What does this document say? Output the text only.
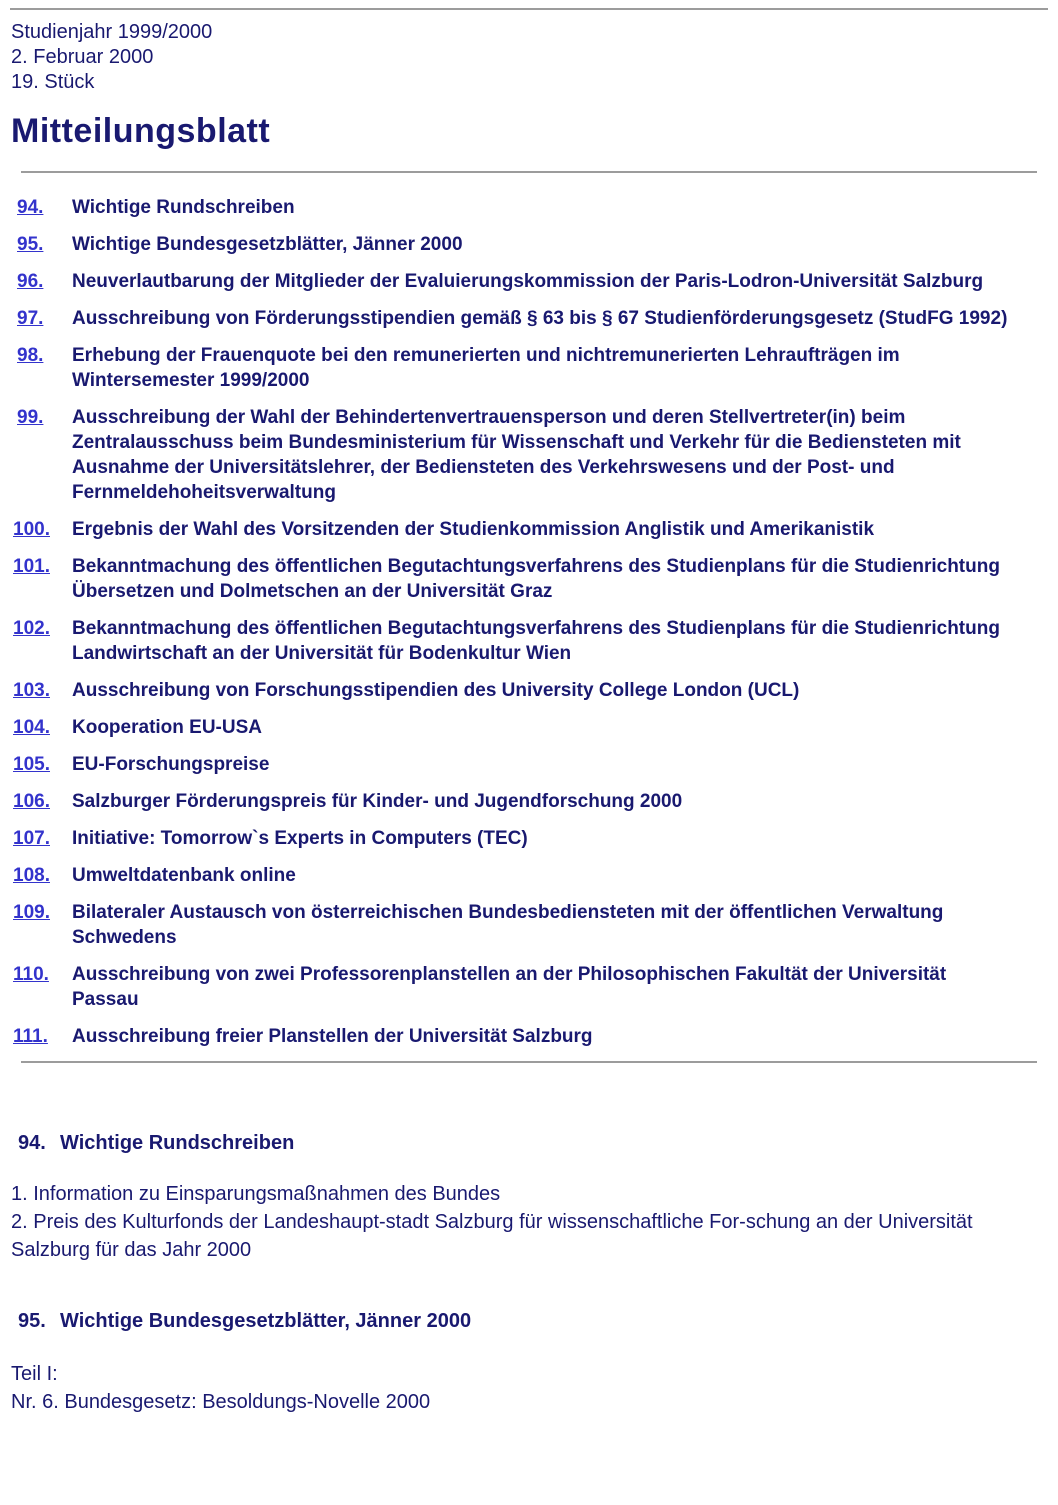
Studienjahr 1999/2000
2. Februar 2000
19. Stück
Mitteilungsblatt
94.	Wichtige Rundschreiben
95.	Wichtige Bundesgesetzblätter, Jänner 2000
96.	Neuverlautbarung der Mitglieder der Evaluierungskommission der Paris-Lodron-Universität Salzburg
97.	Ausschreibung von Förderungsstipendien gemäß § 63 bis § 67 Studienförderungsgesetz (StudFG 1992)
98.	Erhebung der Frauenquote bei den remunerierten und nichtremunerierten Lehraufträgen im Wintersemester 1999/2000
99.	Ausschreibung der Wahl der Behindertenvertrauensperson und deren Stellvertreter(in) beim Zentralausschuss beim Bundesministerium für Wissenschaft und Verkehr für die Bediensteten mit Ausnahme der Universitätslehrer, der Bediensteten des Verkehrswesens und der Post- und Fernmeldehoheitsverwaltung
100.	Ergebnis der Wahl des Vorsitzenden der Studienkommission Anglistik und Amerikanistik
101.	Bekanntmachung des öffentlichen Begutachtungsverfahrens des Studienplans für die Studienrichtung Übersetzen und Dolmetschen an der Universität Graz
102.	Bekanntmachung des öffentlichen Begutachtungsverfahrens des Studienplans für die Studienrichtung Landwirtschaft an der Universität für Bodenkultur Wien
103.	Ausschreibung von Forschungsstipendien des University College London (UCL)
104.	Kooperation EU-USA
105.	EU-Forschungspreise
106.	Salzburger Förderungspreis für Kinder- und Jugendforschung 2000
107.	Initiative: Tomorrow`s Experts in Computers (TEC)
108.	Umweltdatenbank online
109.	Bilateraler Austausch von österreichischen Bundesbediensteten mit der öffentlichen Verwaltung Schwedens
110.	Ausschreibung von zwei Professorenplanstellen an der Philosophischen Fakultät der Universität Passau
111.	Ausschreibung freier Planstellen der Universität Salzburg
94. Wichtige Rundschreiben

1. Information zu Einsparungsmaßnahmen des Bundes

2. Preis des Kulturfonds der Landeshaupt-stadt Salzburg für wissenschaftliche For-schung an der Universität Salzburg für das Jahr 2000

95. Wichtige Bundesgesetzblätter, Jänner 2000

Teil I:

Nr. 6. Bundesgesetz: Besoldungs-Novelle 2000
